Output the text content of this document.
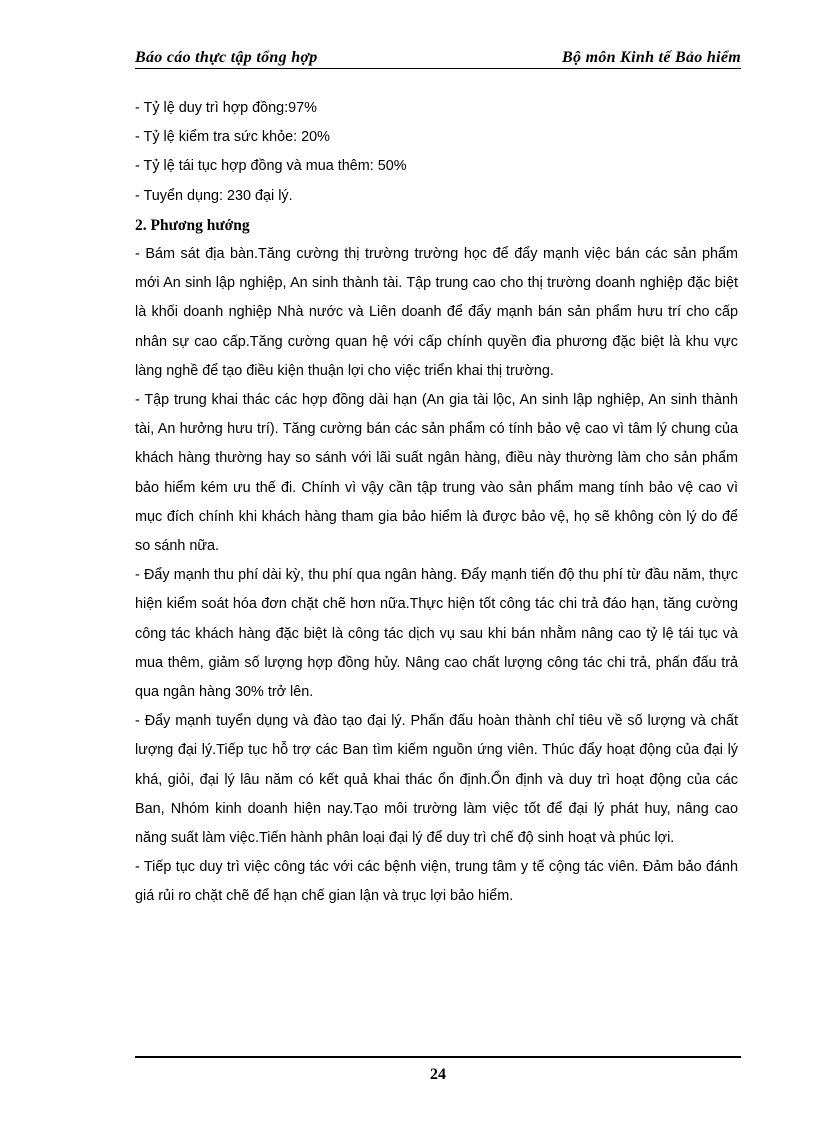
Báo cáo thực tập tổng hợp	Bộ môn Kinh tế Bảo hiểm

- Tỷ lệ duy trì hợp đồng:97%

- Tỷ lệ kiểm tra sức khỏe: 20%

- Tỷ lệ tái tục hợp đồng và mua thêm: 50%

- Tuyển dụng: 230 đại lý.

2. Phương hướng

- Bám sát địa bàn.Tăng cường thị trường trường học để đẩy mạnh việc bán các sản phẩm mới An sinh lập nghiệp, An sinh thành tài. Tập trung cao cho thị trường doanh nghiệp đặc biệt là khối doanh nghiệp Nhà nước và Liên doanh để đẩy mạnh bán sản phẩm hưu trí cho cấp nhân sự cao cấp.Tăng cường quan hệ với cấp chính quyền đia phương đặc biệt là khu vực làng nghề để tạo điều kiện thuận lợi cho việc triển khai thị trường.

- Tập trung khai thác các hợp đồng dài hạn (An gia tài lộc, An sinh lập nghiệp, An sinh thành tài, An hưởng hưu trí). Tăng cường bán các sản phẩm có tính bảo vệ cao vì tâm lý chung của khách hàng thường hay so sánh với lãi suất ngân hàng, điều này thường làm cho sản phẩm bảo hiểm kém ưu thế đi. Chính vì vậy cần tập trung vào sản phẩm mang tính bảo vệ cao vì mục đích chính khi khách hàng tham gia bảo hiểm là được bảo vệ, họ sẽ không còn lý do để so sánh nữa.

- Đẩy mạnh thu phí dài kỳ, thu phí qua ngân hàng. Đẩy mạnh tiến độ thu phí từ đầu năm, thực hiện kiểm soát hóa đơn chặt chẽ hơn nữa.Thực hiện tốt công tác chi trả đáo hạn, tăng cường công tác khách hàng đặc biệt là công tác dịch vụ sau khi bán nhằm nâng cao tỷ lệ tái tục và mua thêm, giảm số lượng hợp đồng hủy. Nâng cao chất lượng công tác chi trả, phấn đấu trả qua ngân hàng 30% trở lên.

- Đẩy mạnh tuyển dụng và đào tạo đại lý. Phấn đấu hoàn thành chỉ tiêu về số lượng và chất lượng đại lý.Tiếp tục hỗ trợ các Ban tìm kiếm nguồn ứng viên. Thúc đẩy hoạt động của đại lý khá, giỏi, đại lý lâu năm có kết quả khai thác ổn định.Ổn định và duy trì hoạt động của các Ban, Nhóm kinh doanh hiện nay.Tạo môi trường làm việc tốt để đại lý phát huy, nâng cao năng suất làm việc.Tiến hành phân loại đại lý để duy trì chế độ sinh hoạt và phúc lợi.

- Tiếp tục duy trì việc công tác với các bệnh viện, trung tâm y tế cộng tác viên. Đảm bảo đánh giá rủi ro chặt chẽ để hạn chế gian lận và trục lợi bảo hiểm.

24
